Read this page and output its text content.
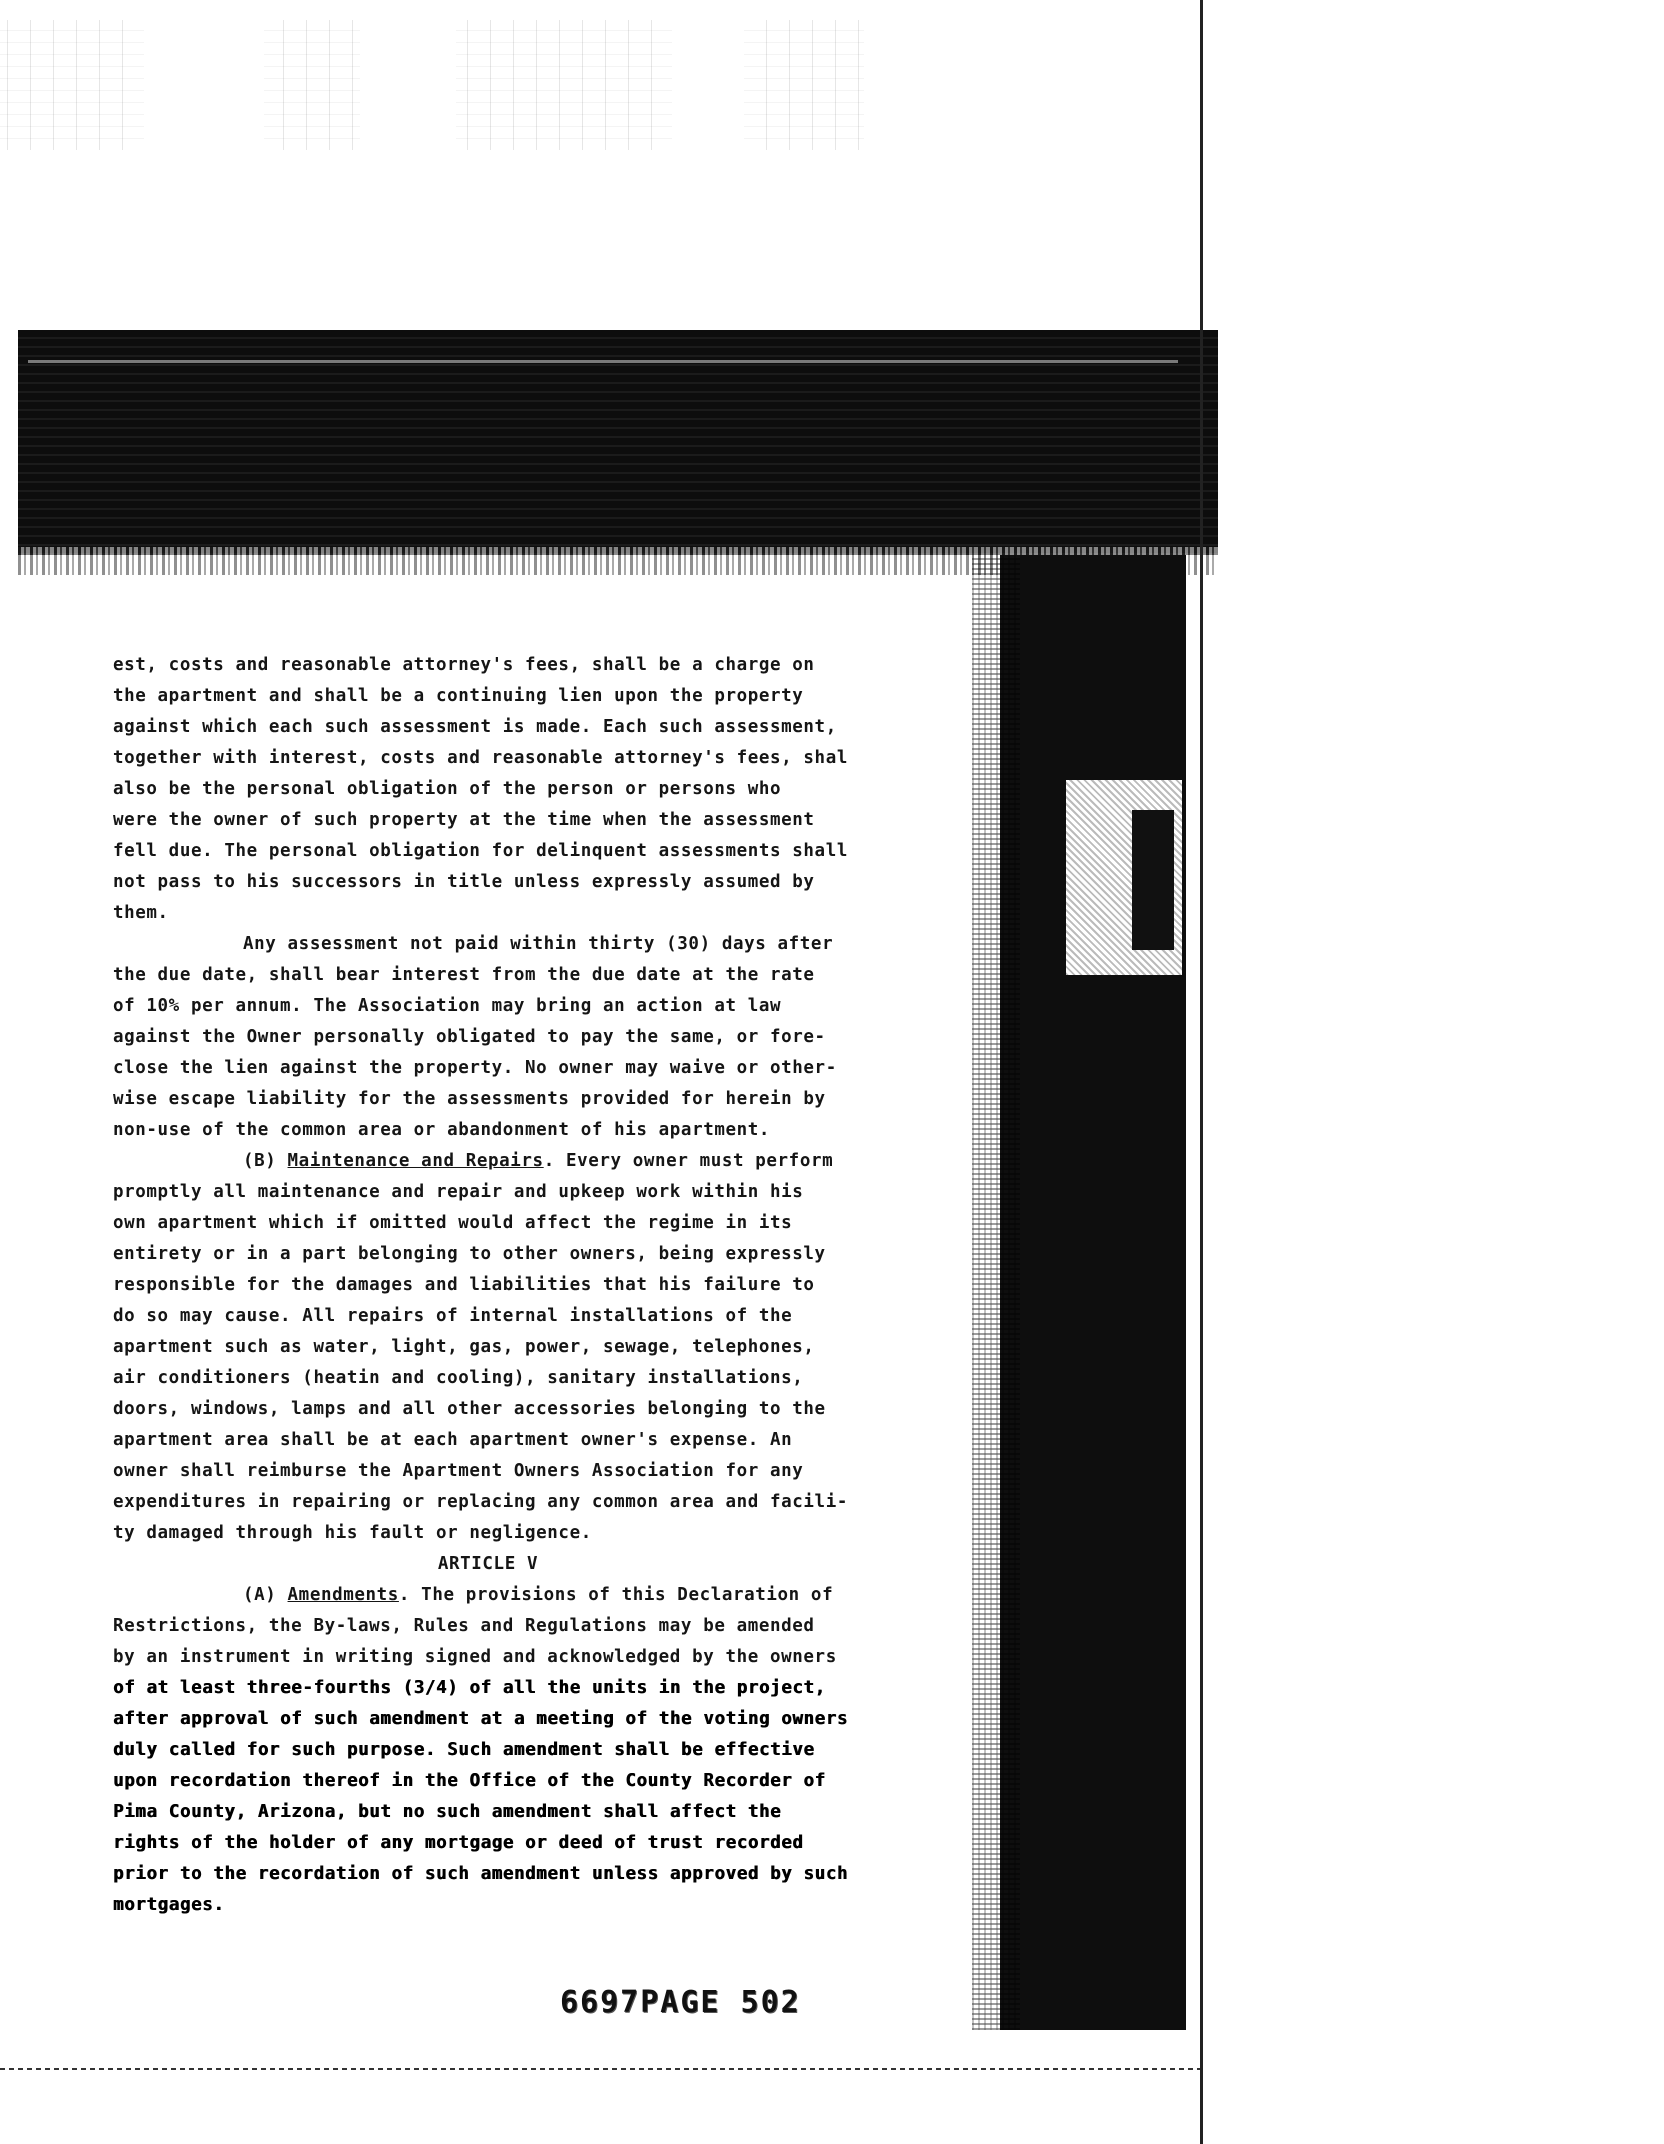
est, costs and reasonable attorney's fees, shall be a charge on

the apartment and shall be a continuing lien upon the property

against which each such assessment is made. Each such assessment,

together with interest, costs and reasonable attorney's fees, shal

also be the personal obligation of the person or persons who

were the owner of such property at the time when the assessment

fell due. The personal obligation for delinquent assessments shall

not pass to his successors in title unless expressly assumed by

them.

Any assessment not paid within thirty (30) days after

the due date, shall bear interest from the due date at the rate

of 10% per annum. The Association may bring an action at law

against the Owner personally obligated to pay the same, or fore-

close the lien against the property. No owner may waive or other-

wise escape liability for the assessments provided for herein by

non-use of the common area or abandonment of his apartment.

(B) Maintenance and Repairs. Every owner must perform

promptly all maintenance and repair and upkeep work within his

own apartment which if omitted would affect the regime in its

entirety or in a part belonging to other owners, being expressly

responsible for the damages and liabilities that his failure to

do so may cause. All repairs of internal installations of the

apartment such as water, light, gas, power, sewage, telephones,

air conditioners (heatin and cooling), sanitary installations,

doors, windows, lamps and all other accessories belonging to the

apartment area shall be at each apartment owner's expense. An

owner shall reimburse the Apartment Owners Association for any

expenditures in repairing or replacing any common area and facili-

ty damaged through his fault or negligence.

ARTICLE V

(A) Amendments. The provisions of this Declaration of

Restrictions, the By-laws, Rules and Regulations may be amended

by an instrument in writing signed and acknowledged by the owners

of at least three-fourths (3/4) of all the units in the project,

after approval of such amendment at a meeting of the voting owners

duly called for such purpose. Such amendment shall be effective

upon recordation thereof in the Office of the County Recorder of

Pima County, Arizona, but no such amendment shall affect the

rights of the holder of any mortgage or deed of trust recorded

prior to the recordation of such amendment unless approved by such

mortgages.

6697PAGE 502
